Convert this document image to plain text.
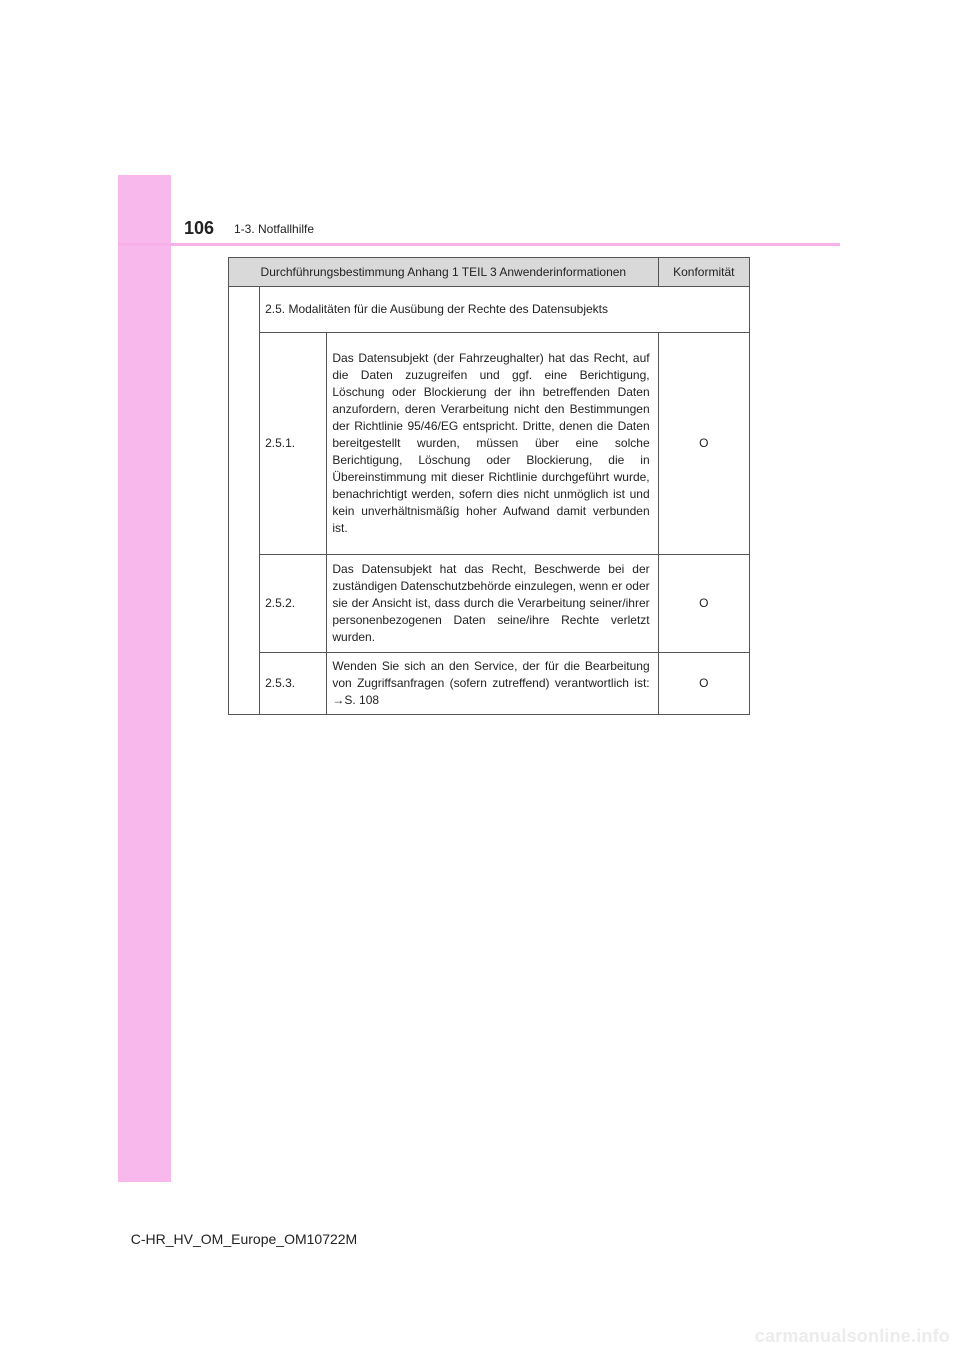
106 1-3. Notfallhilfe
Durchführungsbestimmung Anhang 1 TEIL 3 Anwenderinformationen			Konformität
	2.5. Modalitäten für die Ausübung der Rechte des Datensubjekts		
	2.5.1.	Das Datensubjekt (der Fahrzeughalter) hat das Recht, auf die Daten zuzugreifen und ggf. eine Berichtigung, Löschung oder Blockierung der ihn betreffenden Daten anzufordern, deren Verarbeitung nicht den Bestimmungen der Richtlinie 95/46/EG entspricht. Dritte, denen die Daten bereitgestellt wurden, müssen über eine solche Berichtigung, Löschung oder Blockierung, die in Übereinstimmung mit dieser Richtlinie durchgeführt wurde, benachrichtigt werden, sofern dies nicht unmöglich ist und kein unverhältnismäßig hoher Aufwand damit verbunden ist.	O
	2.5.2.	Das Datensubjekt hat das Recht, Beschwerde bei der zuständigen Datenschutzbehörde einzulegen, wenn er oder sie der Ansicht ist, dass durch die Verarbeitung seiner/ihrer personenbezogenen Daten seine/ihre Rechte verletzt wurden.	O
	2.5.3.	Wenden Sie sich an den Service, der für die Bearbeitung von Zugriffsanfragen (sofern zutreffend) verantwortlich ist: →S. 108	O
C-HR_HV_OM_Europe_OM10722M
carmanualsonline.info
